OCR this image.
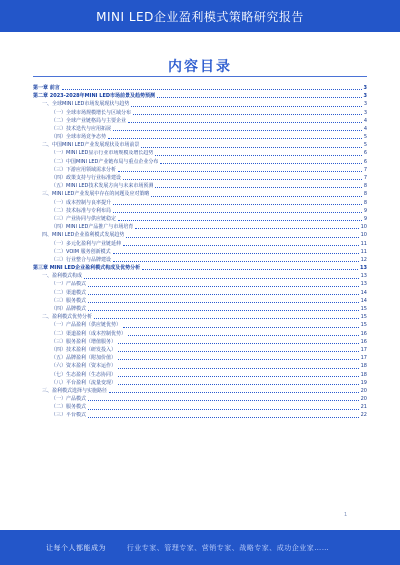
MINI LED企业盈利模式策略研究报告
内容目录
第一章 前言	3
第二章 2023-2028年MINI LED市场前景及趋势预测	3
一、全球MINI LED市场发展现状与趋势	3
（一）全球市场规模增长与区域分布	3
（二）全球产业链格局与主要企业	4
（三）技术迭代与应用拓展	4
（四）全球市场竞争态势	5
二、中国MINI LED产业发展现状及市场前景	5
（一）MINI LED显示行业市场规模及增长趋势	6
（二）中国MINI LED产业链布局与重点企业分布	6
（三）下游应用领域需求分析	7
（四）政策支持与行业标准建设	7
（五）MINI LED技术发展方向与未来市场预测	8
三、MINI LED产业发展中存在的问题及应对策略	8
（一）成本控制与良率提升	8
（二）技术标准与专利布局	9
（三）产业协同与供应链稳定	9
（四）MINI LED产品推广与市场培育	10
四、MINI LED企业盈利模式发展趋势	10
（一）多元化盈利与产业链延伸	11
（二）VOIM 服务创新模式	11
（三）行业整合与品牌建设	12
第三章 MINI LED企业盈利模式构成及优势分析	13
一、盈利模式构成	13
（一）产品模式	13
（二）渠道模式	14
（三）服务模式	14
（四）品牌模式	15
二、盈利模式优势分析	15
（一）产品盈利（供应链优势）	15
（二）渠道盈利（成本控制优势）	16
（三）服务盈利（增值服务）	16
（四）技术盈利（研发投入）	17
（五）品牌盈利（附加价值）	17
（六）资本盈利（资本运作）	18
（七）生态盈利（生态协同）	18
（八）平台盈利（流量变现）	19
三、盈利模式选择与实施路径	20
（一）产品模式	20
（二）服务模式	21
（三）平台模式	22
1
让每个人都能成为	行业专家、管理专家、营销专家、战略专家、成功企业家……
